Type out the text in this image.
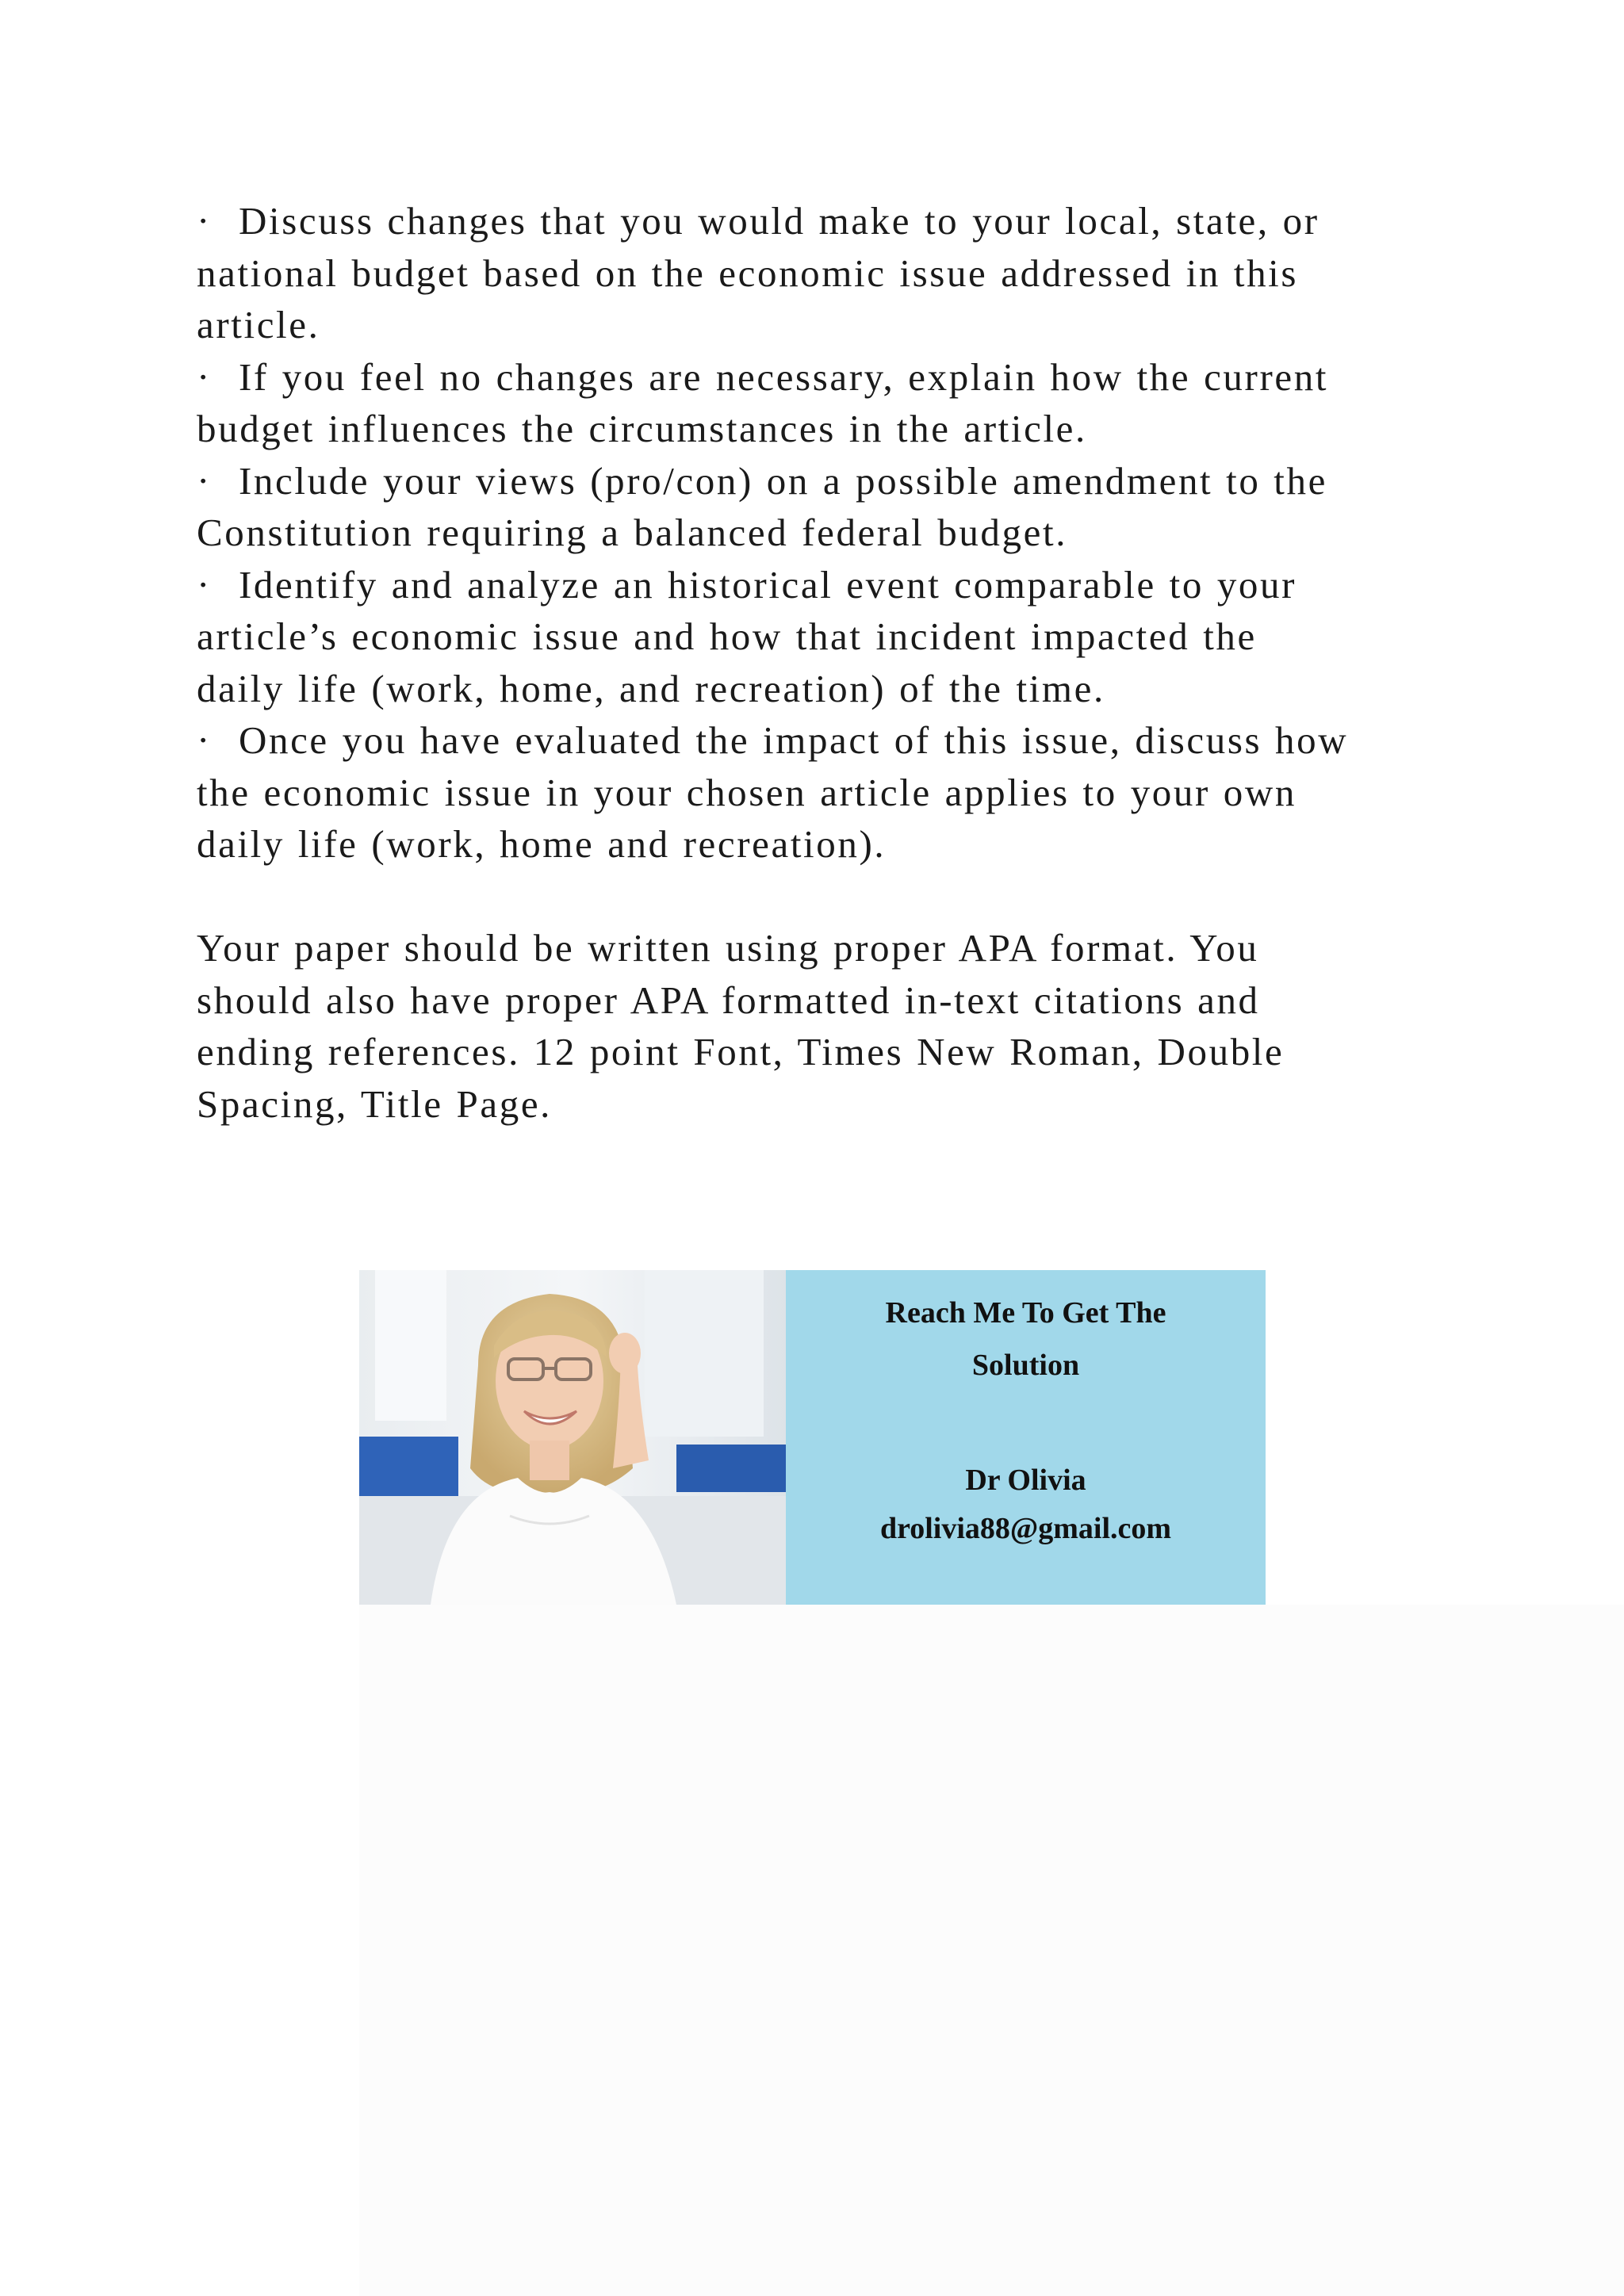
· Discuss changes that you would make to your local, state, or
national budget based on the economic issue addressed in this
article.
· If you feel no changes are necessary, explain how the current
budget influences the circumstances in the article.
· Include your views (pro/con) on a possible amendment to the
Constitution requiring a balanced federal budget.
· Identify and analyze an historical event comparable to your
article’s economic issue and how that incident impacted the
daily life (work, home, and recreation) of the time.
· Once you have evaluated the impact of this issue, discuss how
the economic issue in your chosen article applies to your own
daily life (work, home and recreation).
Your paper should be written using proper APA format. You
should also have proper APA formatted in-text citations and
ending references. 12 point Font, Times New Roman, Double
Spacing, Title Page.
Reach Me To Get The
Solution
Dr Olivia
drolivia88@gmail.com
